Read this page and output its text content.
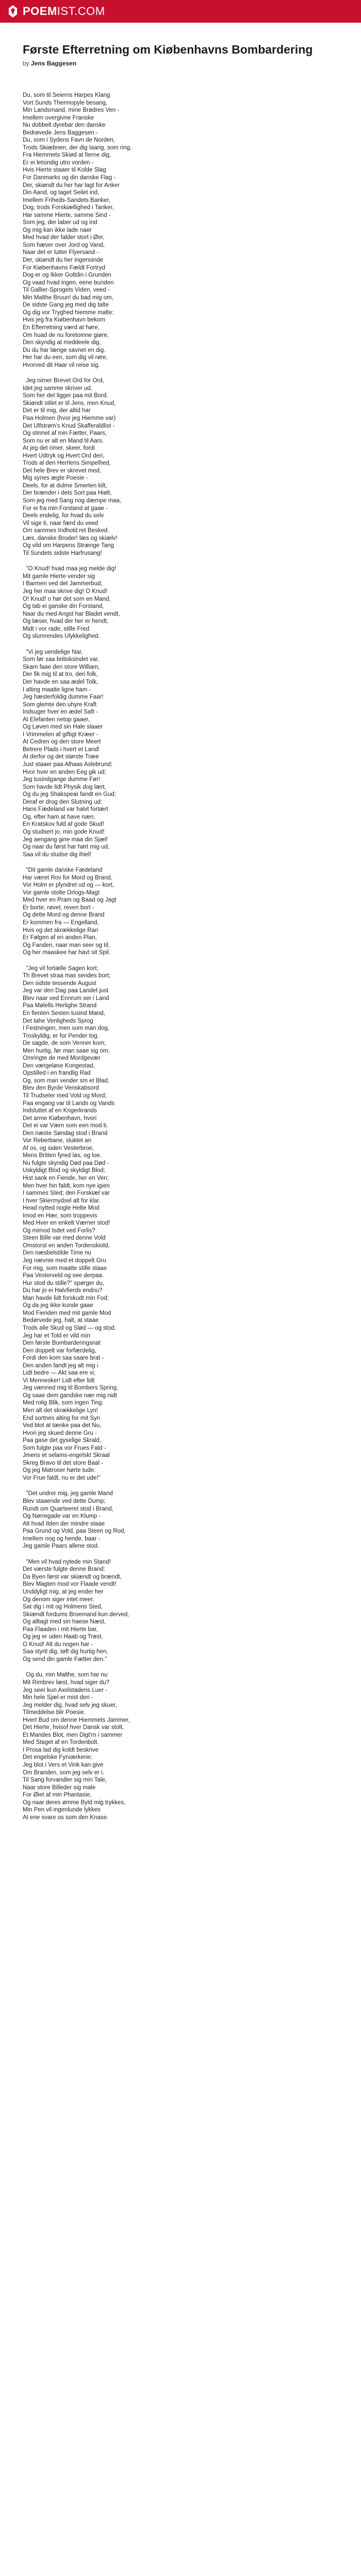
POEM IST.COM
Første Efterretning om Kiøbenhavns Bombardering
by Jens Baggesen
Du, som til Seierns Harpes Klang
Vort Sunds Thermopyle besang,
Min Landsmand, mine Brødres Ven -
Imellem overgivne Franske
Nu dobbelt dyrebar den danske
Bedrøvede Jens Baggesen -
Du, som i Sydens Favn de Norden,
Trods Skiæbnen, der dig Iaarig, som ring,
Fra Hiemmets Skiød at fierne dig,
Er ei letsindig utro vorden -
Hvis Hierte staaer til Kolde Slag
For Danmarks og din danske Flag -
Der, skiøndt du her har lagt for Anker
Din Aand, og taget Seilet ind,
Imellem Friheds-Sandets Banker,
Dog, trods Forskiællighed i Tanker,
Har samme Hierte, samme Sind -
Som jeg, der laber ud og ind
Og mig kan ikke lade naer
Med hvad der falder stort i Øer,
Som hæver over Jord og Vand,
Naar det er lutter Flyersand -
Der, skiøndt du her ingensinde
For Kiøbenhavns Fældt Fortryd
Dog er og Ikker Goltdin i Grunden
Og vaad hvad ingen, eene bunden
Til Gallier-Sprogets Viden, veed -
Min Malthe Bruun! du bad mig om,
De sidste Gang jeg med dig talte
Og dig vor Tryghed hiemme malte:
Hvis jeg fra Kiøbenhavn bekom
En Efterretning værd at høre,
Om huad de nu foretomne giøre,
Den skyndig at meddeele dig,
Du du har længe savnet en dig.
Her har du een, som dig vil røre,
Hvorved dit Haar vil reise sig.
Jeg nimer Brevet Ord for Ord,
Idet jeg samme skriver ud,
Som her det ligger paa mit Bord.
Skiøndt stilet er til Jens, men Knud,
Det er til mig, der altid har
Paa Holmen (hvor jeg Hiemme var)
Det Ulfstrøm's Knud Skafferaldlist -
Og stinnet af min Fætter, Paars,
Som nu er alt en Mand til Aars.
At jeg det rimer, skeer, fordi
Hvert Udtryk og Hvert Ord deri,
Trods al den Herrlens Simpelhed,
Det hele Brev er skrevet med,
Mig synes ægte Poesie -
Deels, for at dulme Smerten kilt,
Der brænder i dets Sort paa Hiølt,
Som jeg med Sang nog dæmpe maa,
For ei fra min Forstand at gaae -
Deels endelig, for hvad du selv
Vil sige ti, naar færd du veed
Om sammes Indhold ret Besked.
Læs, danske Broder! læs og skiælv!
Og vild om Harpens Strænge Tang
Til Sundets sidste Harfrusang!
"O Knud! hvad maa jeg melde dig!
Mit gamle Hierte vender sig
I Barmen ved det Jammerbud,
Jeg her maa skrive dig! O Knud!
O! Knud! o hør det som en Mand,
Og tab ei ganske din Forstand,
Naar du med Angst har Bladet vendt,
Og læser, hvad der her er hendt,
Midt i vor rade, stille Fred
Og slumrendes Ulykkelighed.
"Vi jeg uendelige Nar,
Som før saa britisksindet var,
Skam faae den store William,
Der fik mig til at tro, deri folk,
Der havde en saa ædel Tolk,
I alting maatte ligne ham -
Jeg hæsterfoldig dumme Faar!
Som glemte den uhyre Kraft
Indsuger hver en ædel Saft -
At Elefanten netop gaaer,
Og Løven med sin Hale slaaer
I Vrimmelen af giftigt Kræer -
At Cedren og den store Meert
Betrere Plads i hvert et Land!
At derfor og det største Træe
Just staaer paa Alhaas Aslebrund;
Hvor hver en anden Eeg gik ud;
Jeg tusindgange dumme Før!
Som havde lidt Physik dog lært,
Og du jeg Shakspear fandt en Gud;
Deraf er drog den Slutning ud:
Hans Fædeland var halvt fortært
Og, efter ham at have næn,
En Kratskov fuld af gode Skud!
Og studsert jo, min gode Knud!
Jeg aengang gine maa din Sjæl!
Og naar du først har hørt mig ud,
Saa vil du studse dig ihiel!
"Dit gamle danske Fædeland
Har været Rov for Mord og Brand,
Vor Holm er plyndret ud og — kort,
Vor gamle stolte Orlogs-Magt
Med hver en Pram og Baad og Jagt
Er borte, røvet, reven bort -
Og dette Mord og denne Brand
Er kommen fra — Engelland,
Hvis og det skrækkelige Ran
Er Følgen af en anden Plan,
Og Fanden, naar man seer og til,
Og her maaskee har havt sit Spil.
"Jeg vil fortælle Sagen kort;
Th Brevet straa mas sendes bort;
Den sidste tessende August
Jeg var den Dag paa Landet just
Blev naar ved Ennrum ser i Land
Paa Mølells Herlighe Strand
En fienten Sesten tusind Mand,
Det tahe Venligheds Sprog
I Festningen, men som man dog,
Troskyldig, er for Pender tog.
De sagde, de som Venner kom;
Men hurtig, før man saae sig om,
Omringte de med Mordgevær
Den værgeløse Kongestad,
Opstilled i en frandlig Rad
Og, som man vender sm et Blad,
Blev den Byrde Venskabsord
Til Trudseler med Vold og Mord;
Paa engang var til Lands og Vands
Indsluttet af en Krigerkrands
Det arme Kiøbenhavn, hvori
Det ei var Værn som een mod ti.
Den næste Søndag stod i Brand
Vor Reberbane, sluktet an
Af os, og siden Vesterbroe,
Mens Britten fyred løs, og loe.
Nu fulgte skyndig Død paa Død -
Uskyldigt Blod og skyldigt Blod;
Hist sank en Fiende, her en Ven;
Men hver hin faldt, kom nye igien
I sammes Sted; den Forskiæl var
I hver Skiermydsel alt for klar.
Head nytted nogle Helte Mod
Imod en Hær, som troppevis
Med Hver en enkelt Værner stod!
Og mimod Isdet ved Forlis?
Steen Bille var med denne Vold
Omstorst en anden Tordenskiold,
Den næsbelstilde Time nu
Jeg nævnte med et doppelt Gru
For mig, som maatte stille staae
Paa Vesterveld og see derpaa.
Hur stod du stille?" spørger du,
Du har jo ei Halvfierds endnu?
Man havde lidt forskudt min Fod;
Og da jeg ikke kunde gaae
Mod Fienden med mit gamle Mod
Bedørvede jeg, halt, at staae
Trods alle Skud og Slød — og stod.
Jeg har et Told er vild min
Den første Bombarderingsnat
Den doppelt var forfærdelig,
Fordi den kom saa saare brat -
Den anden fandt jeg alt mig i
Lidt bedre — Akt saa ere vi,
Vi Mennesker! Lidt efter lidt
Jeg vænned mig til Bombers Spring,
Og saae dem gandske nær mig nidt
Med rolig Blik, som ingen Ting.
Men alt det skrækkelige Lyn!
End sortnes alting for mit Syn
Ved blot at tænke paa det Nu,
Hvori jeg skued denne Gru -
Paa gase det gyselige Skrald,
Som fulgte paa vor Frues Fald -
Jmens et selams-engelskt Skraal
Skreg Bravo til det store Baal -
Og jeg Matroser hørte tude:
Vor Frue faldt, nu er det ude!"
"Det undrer mig, jeg gamle Mand
Blev staaende ved dette Dump;
Rundt om Quarteeret stod i Brand,
Og Nørregade var en Klump -
Alt hvad Ilden der mindre staae
Paa Grund og Vold, paa Steen og Rod,
Imellem nog og hende, baar -
Jeg gamle Paars allene stod.
"Men vil hvad nytede min Stand!
Det værste fulgte denne Brand:
Da Byen først var skiændt og brændt,
Blev Magten mod vor Flaade vendt!
Unddyligt mig, at jeg ender her
Og denom siger intet meer.
Sat dig i mit og Holmens Sted,
Skiændt fordums Broemand kun derved,
Og alltagt med sin haese Næst,
Paa Flaaden i mit Hierte bar,
Og jeg er uden Haab og Trøst.
O Knud! Alt du nogen har -
Saa styrtl dig, tøft dig hurtig hen,
Og send din gamle Fætter den."
Og du, min Malthe, som har nu
Mit Rimbrev læst, hvad siger du?
Jeg seer kun Axelstadens Luer -
Min hele Sjæl er mist deri -
Jeg melder dig, hvad selv jeg skuer,
Tilmeddelse blir Poesie.
Hvert Bud om denne Hiemmets Jammer,
Det Hierte, hvisof hver Dansk var stolt,
Et Mandes Blot, men Digt'rn i sammer
Med Staget af en Tordenbolt.
I Prosa lad dig koldt beskrive
Det engelske Fyrværkerie;
Jeg blot i Vers et Vink kan give
Om Branden, som jeg selv er i.
Til Sang forvandler sig min Tale,
Naar store Billeder sig male
For Øiet af min Phantasie,
Og naar deres ømme Byld mig trykkes,
Min Pen vil ingenlunde lykkes
At ene svare os som den Knase.
